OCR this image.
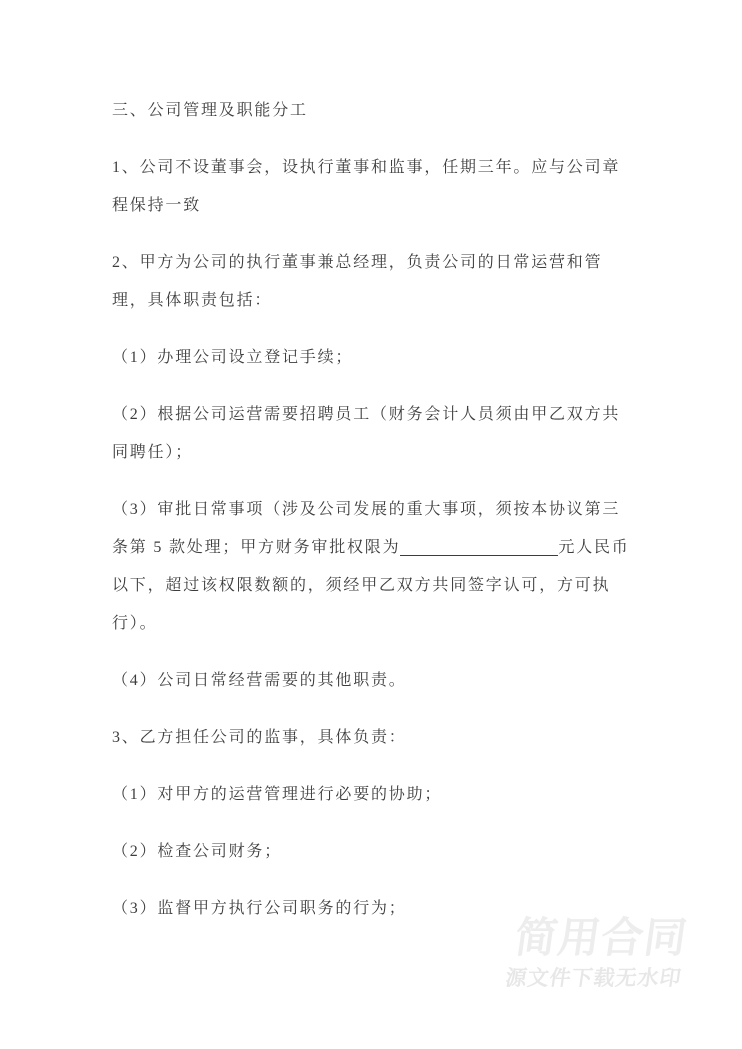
三、公司管理及职能分工
1、公司不设董事会，设执行董事和监事，任期三年。应与公司章
程保持一致
2、甲方为公司的执行董事兼总经理，负责公司的日常运营和管
理，具体职责包括：
（1）办理公司设立登记手续；
（2）根据公司运营需要招聘员工（财务会计人员须由甲乙双方共
同聘任）；
（3）审批日常事项（涉及公司发展的重大事项，须按本协议第三
条第 5 款处理；甲方财务审批权限为	元人民币
以下，超过该权限数额的，须经甲乙双方共同签字认可，方可执
行）。
（4）公司日常经营需要的其他职责。
3、乙方担任公司的监事，具体负责：
（1）对甲方的运营管理进行必要的协助；
（2）检查公司财务；
（3）监督甲方执行公司职务的行为；
简用合同
源文件下载无水印
